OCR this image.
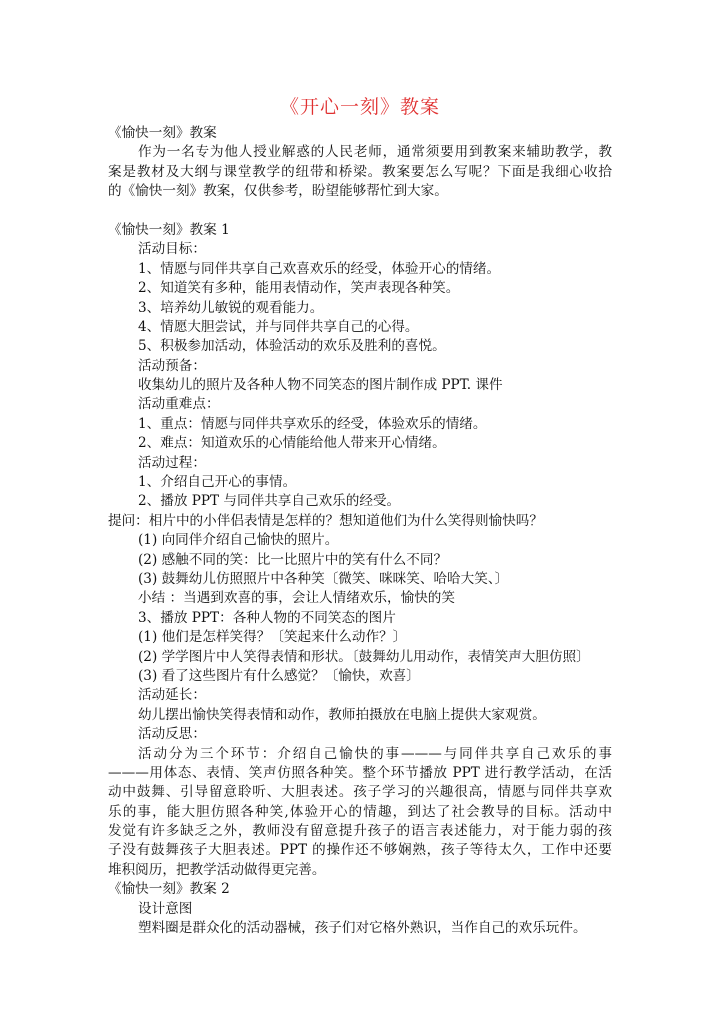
《开心一刻》教案
《愉快一刻》教案
作为一名专为他人授业解惑的人民老师，通常须要用到教案来辅助教学，教
案是教材及大纲与课堂教学的纽带和桥梁。教案要怎么写呢？下面是我细心收拾
的《愉快一刻》教案，仅供参考，盼望能够帮忙到大家。
《愉快一刻》教案 1
活动目标：
1、情愿与同伴共享自己欢喜欢乐的经受，体验开心的情绪。
2、知道笑有多种，能用表情动作，笑声表现各种笑。
3、培养幼儿敏锐的观看能力。
4、情愿大胆尝试，并与同伴共享自己的心得。
5、积极参加活动，体验活动的欢乐及胜利的喜悦。
活动预备：
收集幼儿的照片及各种人物不同笑态的图片制作成 PPT. 课件
活动重难点：
1、重点：情愿与同伴共享欢乐的经受，体验欢乐的情绪。
2、难点：知道欢乐的心情能给他人带来开心情绪。
活动过程：
1、介绍自己开心的事情。
2、播放 PPT 与同伴共享自己欢乐的经受。
提问：相片中的小伴侣表情是怎样的？想知道他们为什么笑得则愉快吗？
(1) 向同伴介绍自己愉快的照片。
(2) 感触不同的笑：比一比照片中的笑有什么不同？
(3) 鼓舞幼儿仿照照片中各种笑〔微笑、咪咪笑、哈哈大笑、〕
小结 ：当遇到欢喜的事，会让人情绪欢乐，愉快的笑
3、播放 PPT：各种人物的不同笑态的图片
(1) 他们是怎样笑得？〔笑起来什么动作？〕
(2) 学学图片中人笑得表情和形状。〔鼓舞幼儿用动作，表情笑声大胆仿照〕
(3) 看了这些图片有什么感觉？〔愉快，欢喜〕
活动延长：
幼儿摆出愉快笑得表情和动作，教师拍摄放在电脑上提供大家观赏。
活动反思：
活动分为三个环节：介绍自己愉快的事———与同伴共享自己欢乐的事
———用体态、表情、笑声仿照各种笑。整个环节播放 PPT 进行教学活动，在活
动中鼓舞、引导留意聆听、大胆表述。孩子学习的兴趣很高，情愿与同伴共享欢
乐的事，能大胆仿照各种笑,体验开心的情趣，到达了社会教导的目标。活动中
发觉有许多缺乏之外，教师没有留意提升孩子的语言表述能力，对于能力弱的孩
子没有鼓舞孩子大胆表述。PPT 的操作还不够娴熟，孩子等待太久，工作中还要
堆积阅历，把教学活动做得更完善。
《愉快一刻》教案 2
设计意图
塑料圈是群众化的活动器械，孩子们对它格外熟识，当作自己的欢乐玩件。
